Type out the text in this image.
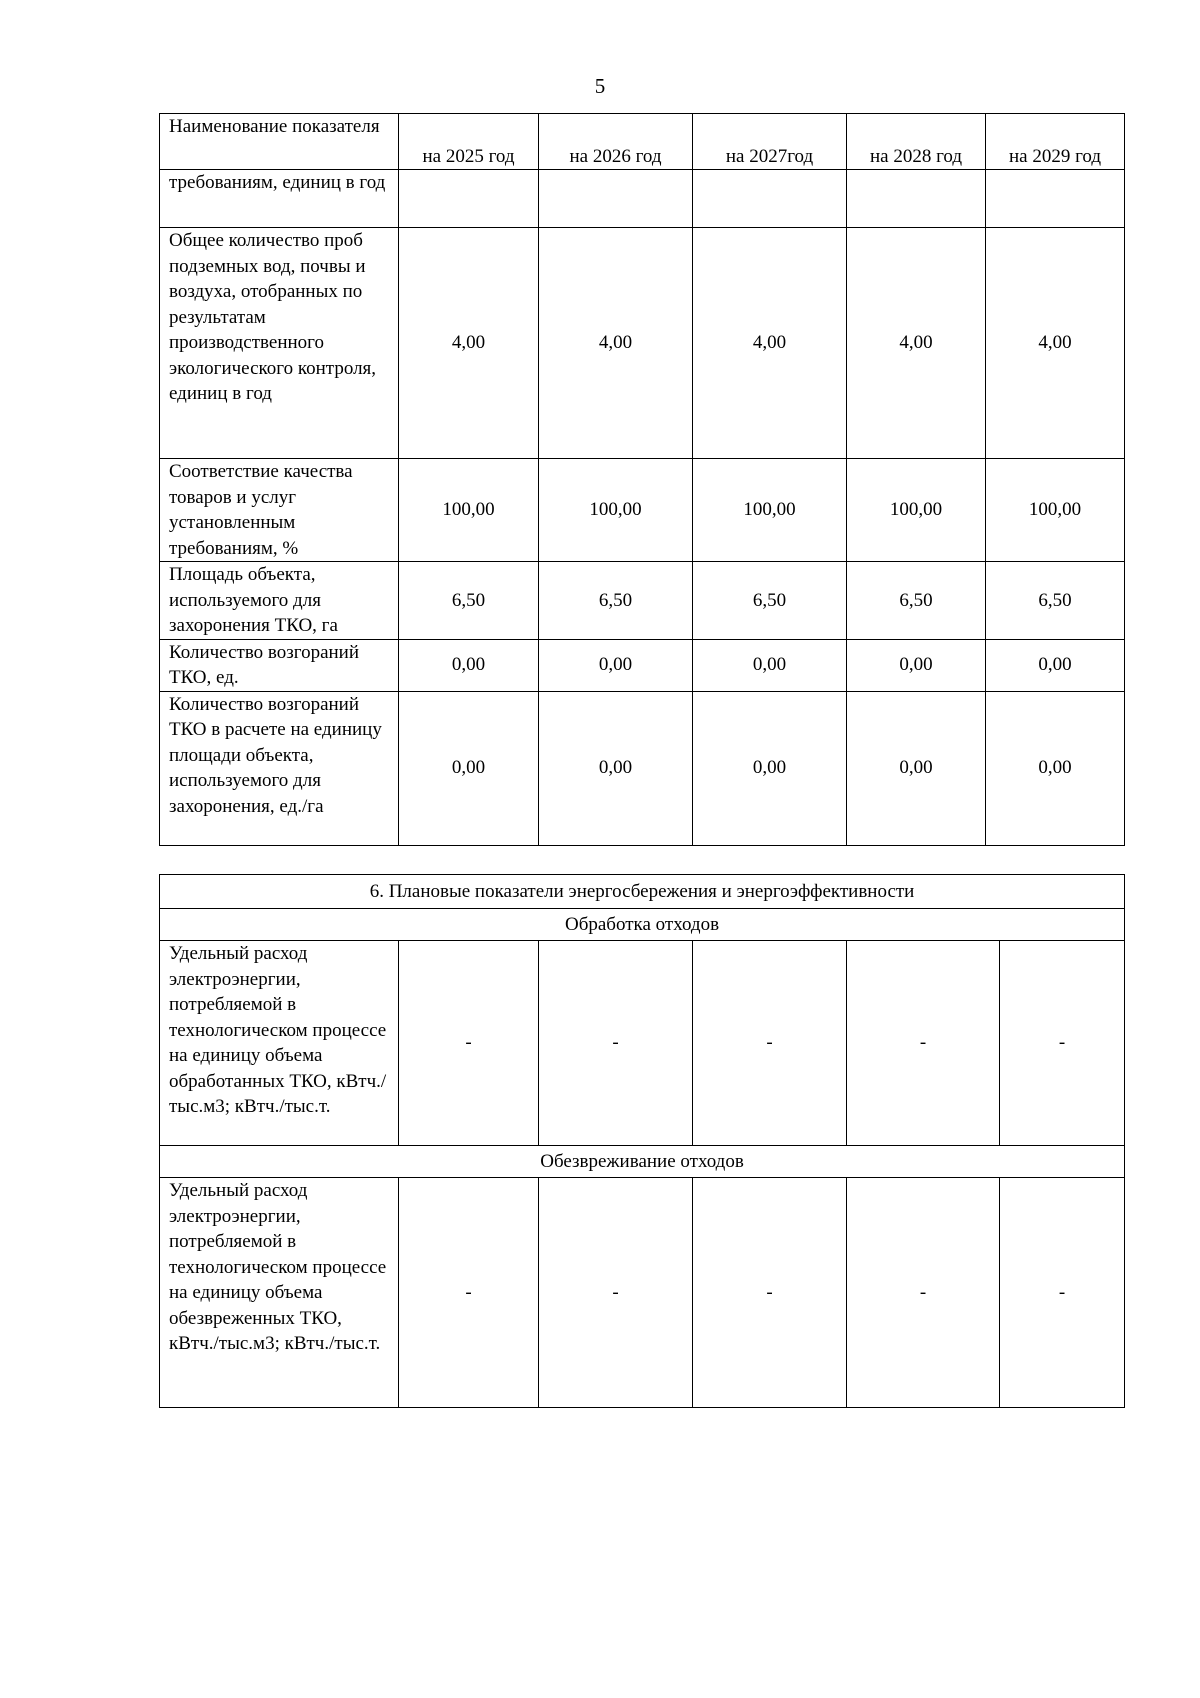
5
Наименование показателя	на 2025 год	на 2026 год	на 2027год	на 2028 год	на 2029 год
требованиям, единиц в год					
Общее количество проб подземных вод, почвы и воздуха, отобранных по результатам производственного экологического контроля, единиц в год	4,00	4,00	4,00	4,00	4,00
Соответствие качества товаров и услуг установленным требованиям, %	100,00	100,00	100,00	100,00	100,00
Площадь объекта, используемого для захоронения ТКО, га	6,50	6,50	6,50	6,50	6,50
Количество возгораний ТКО, ед.	0,00	0,00	0,00	0,00	0,00
Количество возгораний ТКО в расчете на единицу площади объекта, используемого для захоронения, ед./га	0,00	0,00	0,00	0,00	0,00
6. Плановые показатели энергосбережения и энергоэффективности					
Обработка отходов					
Удельный расход электроэнергии, потребляемой в технологическом процессе на единицу объема обработанных ТКО, кВтч./тыс.м3; кВтч./тыс.т.	-	-	-	-	-
Обезвреживание отходов					
Удельный расход электроэнергии, потребляемой в технологическом процессе на единицу объема обезвреженных ТКО, кВтч./тыс.м3; кВтч./тыс.т.	-	-	-	-	-
